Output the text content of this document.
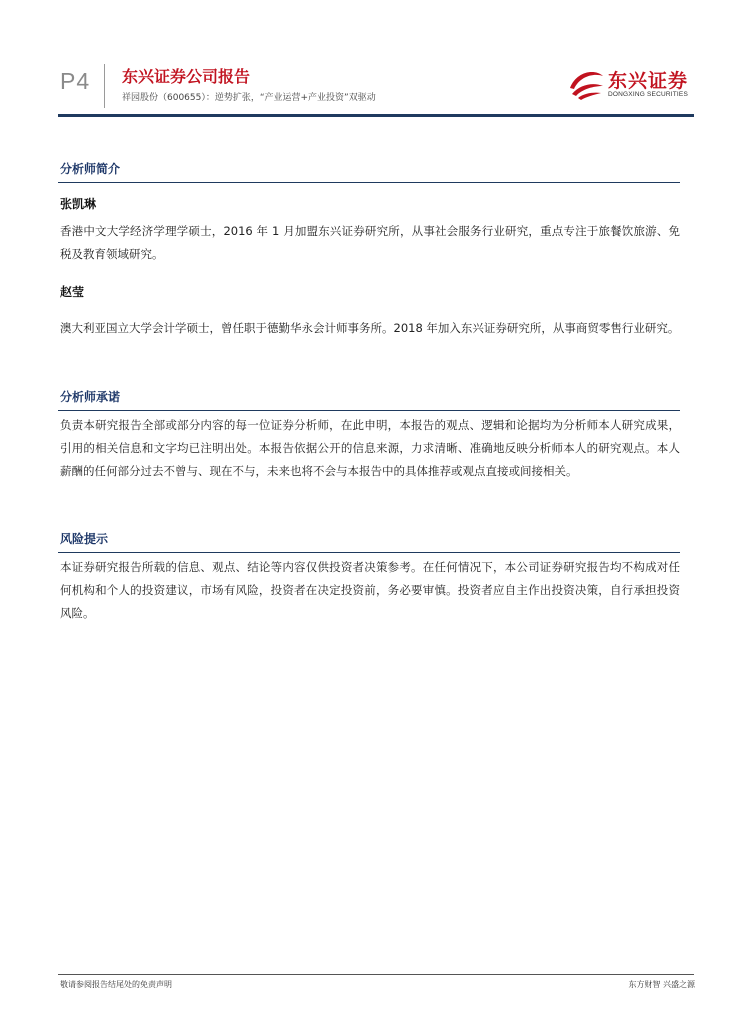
P4 东兴证券公司报告
祥园股份（600655）：逆势扩张，“产业运营+产业投资”双驱动
东兴证券
DONGXING SECURITIES
分析师简介

张凯琳

香港中文大学经济学理学硕士，2016 年 1 月加盟东兴证券研究所，从事社会服务行业研究，重点专注于旅餐饮旅游、免税及教育领域研究。

赵莹

澳大利亚国立大学会计学硕士，曾任职于德勤华永会计师事务所。2018 年加入东兴证券研究所，从事商贸零售行业研究。

分析师承诺

负责本研究报告全部或部分内容的每一位证券分析师，在此申明，本报告的观点、逻辑和论据均为分析师本人研究成果，引用的相关信息和文字均已注明出处。本报告依据公开的信息来源，力求清晰、准确地反映分析师本人的研究观点。本人薪酬的任何部分过去不曾与、现在不与，未来也将不会与本报告中的具体推荐或观点直接或间接相关。

风险提示

本证券研究报告所载的信息、观点、结论等内容仅供投资者决策参考。在任何情况下，本公司证券研究报告均不构成对任何机构和个人的投资建议，市场有风险，投资者在决定投资前，务必要审慎。投资者应自主作出投资决策，自行承担投资风险。

敬请参阅报告结尾处的免责声明	东方财智 兴盛之源
